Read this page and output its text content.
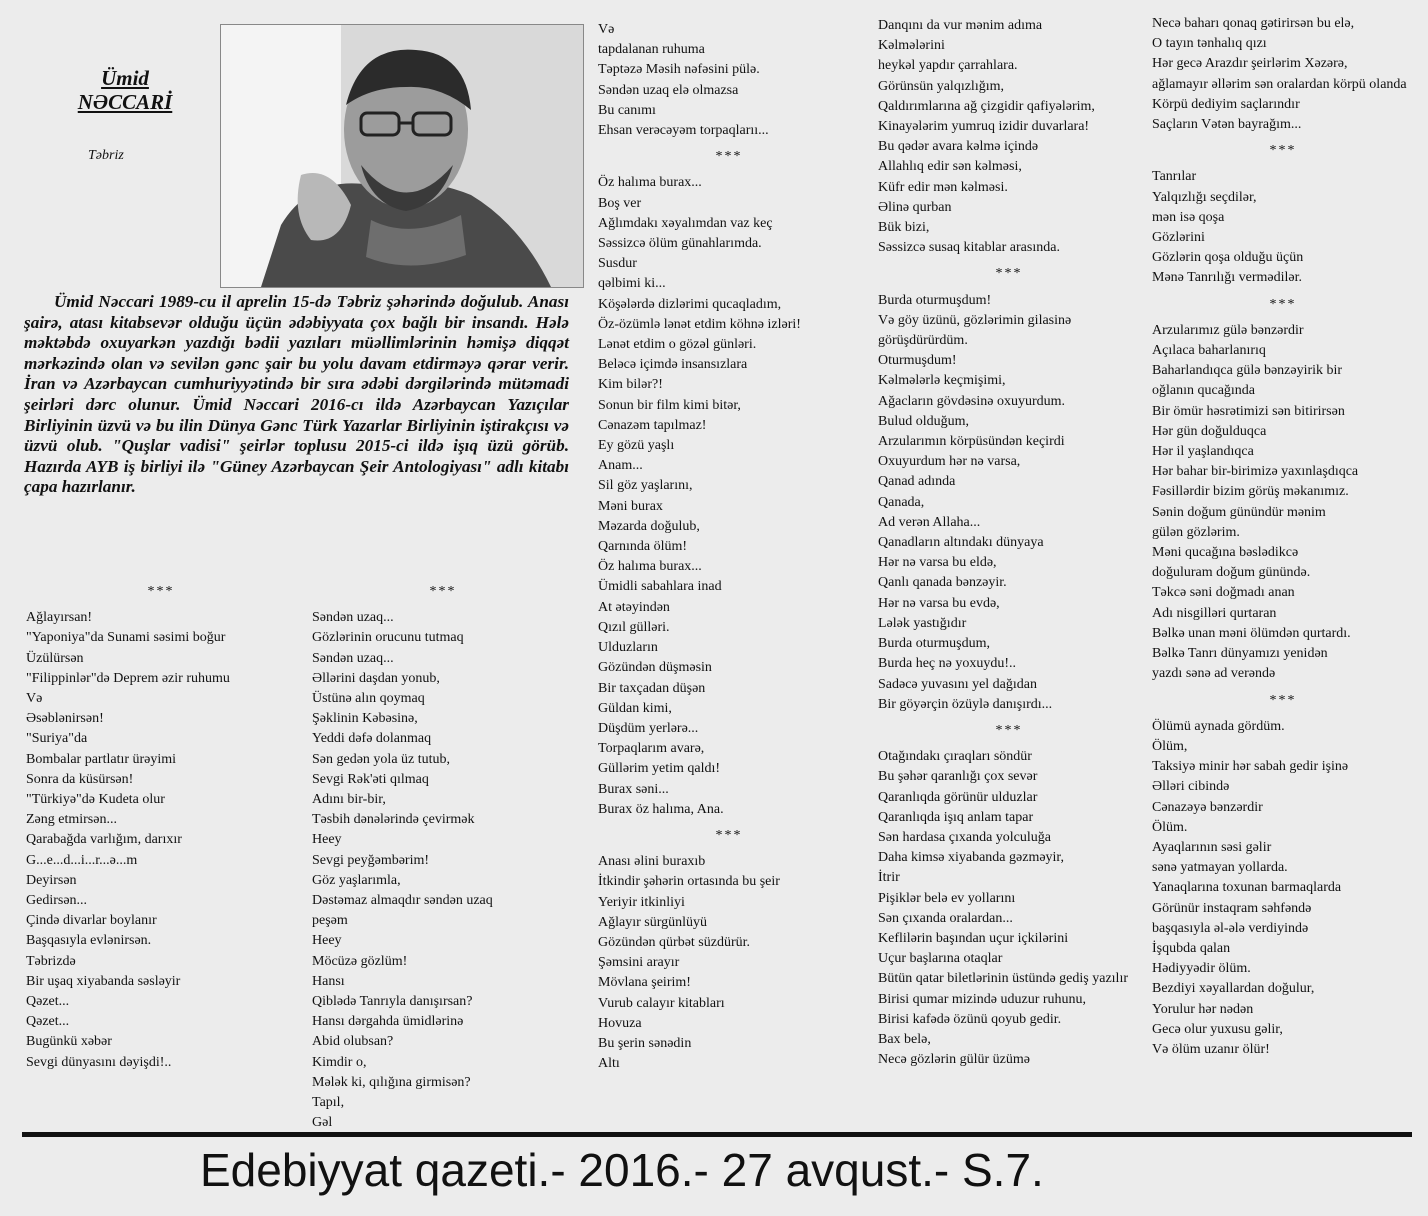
Ümid
NƏCCARİ
Təbriz
Ümid Nəccari 1989-cu il aprelin 15-də Təbriz şəhərində doğulub. Anası şairə, atası kitabsevər olduğu üçün ədəbiyyata çox bağlı bir insandı. Hələ məktəbdə oxuyarkən yazdığı bədii yazıları müəllimlərinin həmişə diqqət mərkəzində olan və sevilən gənc şair bu yolu davam etdirməyə qərar verir. İran və Azərbaycan cumhuriyyətində bir sıra ədəbi dərgilərində mütəmadi şeirləri dərc olunur. Ümid Nəccari 2016-cı ildə Azərbaycan Yazıçılar Birliyinin üzvü və bu ilin Dünya Gənc Türk Yazarlar Birliyinin iştirakçısı və üzvü olub. "Quşlar vadisi" şeirlər toplusu 2015-ci ildə işıq üzü görüb. Hazırda AYB iş birliyi ilə "Güney Azərbaycan Şeir Antologiyası" adlı kitabı çapa hazırlanır.
***
Ağlayırsan!
"Yaponiya"da Sunami səsimi boğur
Üzülürsən
"Filippinlər"də Deprem əzir ruhumu
Və
Əsəblənirsən!
"Suriya"da
Bombalar partlatır ürəyimi
Sonra da küsürsən!
"Türkiyə"də Kudeta olur
Zəng etmirsən...
Qarabağda varlığım, darıxır
G...e...d...i...r...ə...m
Deyirsən
Gedirsən...
Çində divarlar boylanır
Başqasıyla evlənirsən.
Təbrizdə
Bir uşaq xiyabanda səsləyir
Qəzet...
Qəzet...
Bugünkü xəbər
Sevgi dünyasını dəyişdi!..
***
Səndən uzaq...
Gözlərinin orucunu tutmaq
Səndən uzaq...
Əllərini daşdan yonub,
Üstünə alın qoymaq
Şəklinin Kəbəsinə,
Yeddi dəfə dolanmaq
Sən gedən yola üz tutub,
Sevgi Rək'əti qılmaq
Adını bir-bir,
Təsbih dənələrində çevirmək
Heey
Sevgi peyğəmbərim!
Göz yaşlarımla,
Dəstəmaz almaqdır səndən uzaq
peşəm
Heey
Möcüzə gözlüm!
Hansı
Qiblədə Tanrıyla danışırsan?
Hansı dərgahda ümidlərinə
Abid olubsan?
Kimdir o,
Mələk ki, qılığına girmisən?
Tapıl,
Gəl
Və
tapdalanan ruhuma
Təptəzə Məsih nəfəsini pülə.
Səndən uzaq elə olmazsa
Bu canımı
Ehsan verəcəyəm torpaqlarıı...
***
Öz halıma burax...
Boş ver
Ağlımdakı xəyalımdan vaz keç
Səssizcə ölüm günahlarımda.
Susdur
qəlbimi ki...
Köşələrdə dizlərimi qucaqladım,
Öz-özümlə lənət etdim köhnə izləri!
Lənət etdim o gözəl günləri.
Beləcə içimdə insansızlara
Kim bilər?!
Sonun bir film kimi bitər,
Cənazəm tapılmaz!
Ey gözü yaşlı
Anam...
Sil göz yaşlarını,
Məni burax
Məzarda doğulub,
Qarnında ölüm!
Öz halıma burax...
Ümidli sabahlara inad
At ətəyindən
Qızıl gülləri.
Ulduzların
Gözündən düşməsin
Bir taxçadan düşən
Güldan kimi,
Düşdüm yerlərə...
Torpaqlarım avarə,
Güllərim yetim qaldı!
Burax səni...
Burax öz halıma, Ana.
***
Anası əlini buraxıb
İtkindir şəhərin ortasında bu şeir
Yeriyir itkinliyi
Ağlayır sürgünlüyü
Gözündən qürbət süzdürür.
Şəmsini arayır
Mövlana şeirim!
Vurub calayır kitabları
Hovuza
Bu şerin sənədin
Altı
Danqını da vur mənim adıma
Kəlmələrini
heykəl yapdır çarrahlara.
Görünsün yalqızlığım,
Qaldırımlarına ağ çizgidir qafiyələrim,
Kinayələrim yumruq izidir duvarlara!
Bu qədər avara kəlmə içində
Allahlıq edir sən kəlməsi,
Küfr edir mən kəlməsi.
Əlinə qurban
Bük bizi,
Səssizcə susaq kitablar arasında.
***
Burda oturmuşdum!
Və göy üzünü, gözlərimin gilasinə
görüşdürürdüm.
Oturmuşdum!
Kəlmələrlə keçmişimi,
Ağacların gövdəsinə oxuyurdum.
Bulud olduğum,
Arzularımın körpüsündən keçirdi
Oxuyurdum hər nə varsa,
Qanad adında
Qanada,
Ad verən Allaha...
Qanadların altındakı dünyaya
Hər nə varsa bu eldə,
Qanlı qanada bənzəyir.
Hər nə varsa bu evdə,
Lələk yastığıdır
Burda oturmuşdum,
Burda heç nə yoxuydu!..
Sadəcə yuvasını yel dağıdan
Bir göyərçin özüylə danışırdı...
***
Otağındakı çıraqları söndür
Bu şəhər qaranlığı çox sevər
Qaranlıqda görünür ulduzlar
Qaranlıqda işıq anlam tapar
Sən hardasa çıxanda yolculuğa
Daha kimsə xiyabanda gəzməyir,
İtrir
Pişiklər belə ev yollarını
Sən çıxanda oralardan...
Keflilərin başından uçur içkilərini
Uçur başlarına otaqlar
Bütün qatar biletlərinin üstündə gediş yazılır
Birisi qumar mizində uduzur ruhunu,
Birisi kafədə özünü qoyub gedir.
Bax belə,
Necə gözlərin gülür üzümə
Necə baharı qonaq gətirirsən bu elə,
O tayın tənhalıq qızı
Hər gecə Arazdır şeirlərim Xəzərə,
ağlamayır əllərim sən oralardan körpü olanda
Körpü dediyim saçlarındır
Saçların Vətən bayrağım...
***
Tanrılar
Yalqızlığı seçdilər,
mən isə qoşa
Gözlərini
Gözlərin qoşa olduğu üçün
Mənə Tanrılığı vermədilər.
***
Arzularımız gülə bənzərdir
Açılaca baharlanırıq
Baharlandıqca gülə bənzəyirik bir
oğlanın qucağında
Bir ömür həsrətimizi sən bitirirsən
Hər gün doğulduqca
Hər il yaşlandıqca
Hər bahar bir-birimizə yaxınlaşdıqca
Fəsillərdir bizim görüş məkanımız.
Sənin doğum günündür mənim
gülən gözlərim.
Məni qucağına bəslədikcə
doğuluram doğum günündə.
Təkcə səni doğmadı anan
Adı nisgilləri qurtaran
Bəlkə unan məni ölümdən qurtardı.
Bəlkə Tanrı dünyamızı yenidən
yazdı sənə ad verəndə
***
Ölümü aynada gördüm.
Ölüm,
Taksiyə minir hər sabah gedir işinə
Əlləri cibində
Cənazəyə bənzərdir
Ölüm.
Ayaqlarının səsi gəlir
sənə yatmayan yollarda.
Yanaqlarına toxunan barmaqlarda
Görünür instaqram səhfəndə
başqasıyla əl-ələ verdiyində
İşqubda qalan
Hədiyyədir ölüm.
Bezdiyi xəyallardan doğulur,
Yorulur hər nədən
Gecə olur yuxusu gəlir,
Və ölüm uzanır ölür!
Edebiyyat qazeti.- 2016.- 27 avqust.- S.7.
